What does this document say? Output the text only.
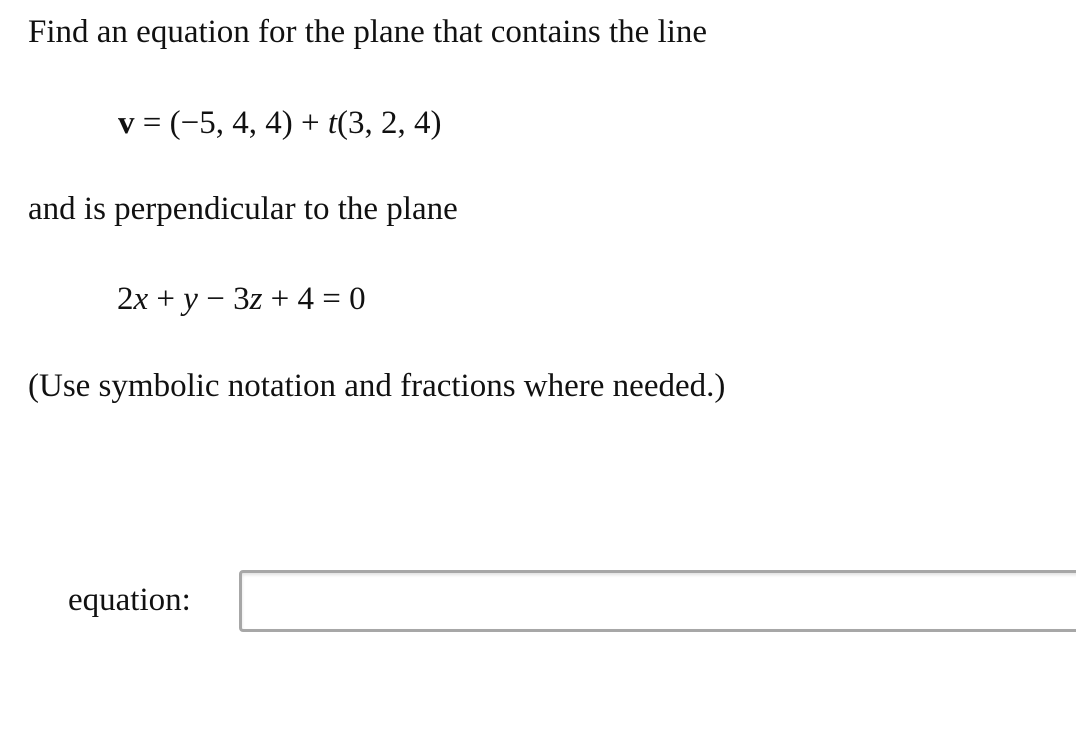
Find an equation for the plane that contains the line
v = (−5, 4, 4) + t(3, 2, 4)
and is perpendicular to the plane
2x + y − 3z + 4 = 0
(Use symbolic notation and fractions where needed.)
equation:
